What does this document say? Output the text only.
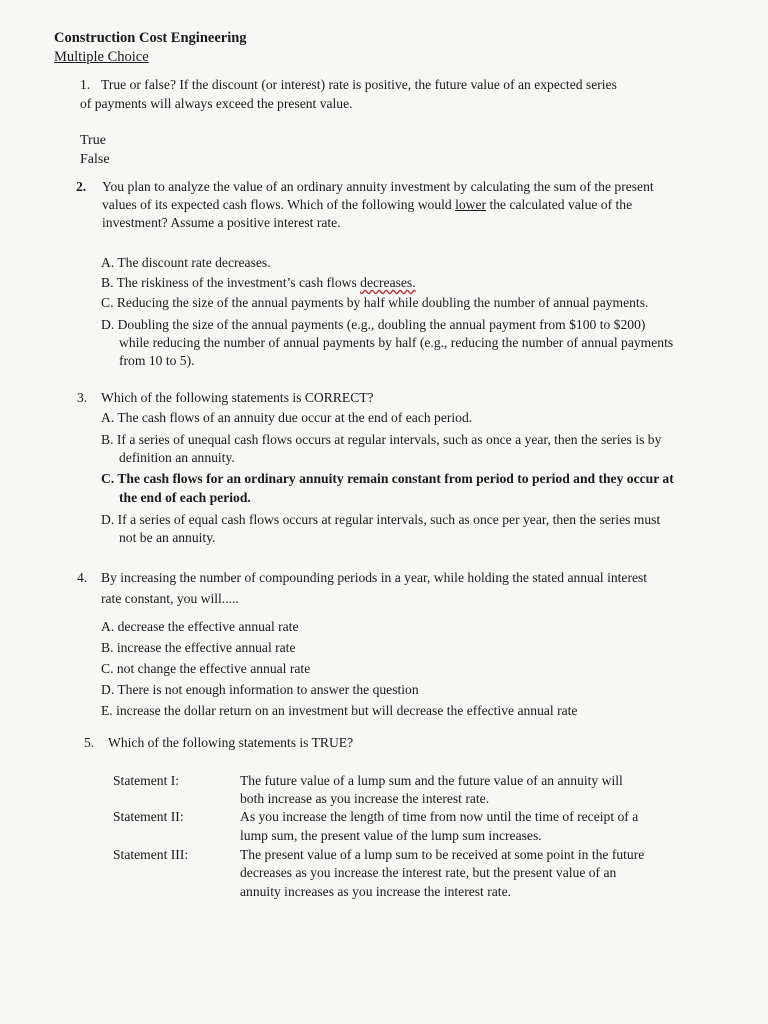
Construction Cost Engineering
Multiple Choice
1. True or false? If the discount (or interest) rate is positive, the future value of an expected series
of payments will always exceed the present value.
True
False
2. You plan to analyze the value of an ordinary annuity investment by calculating the sum of the present
values of its expected cash flows. Which of the following would lower the calculated value of the
investment? Assume a positive interest rate.
A. The discount rate decreases.
B. The riskiness of the investment’s cash flows decreases.
C. Reducing the size of the annual payments by half while doubling the number of annual payments.
D. Doubling the size of the annual payments (e.g., doubling the annual payment from $100 to $200)
while reducing the number of annual payments by half (e.g., reducing the number of annual payments
from 10 to 5).
3. Which of the following statements is CORRECT?
A. The cash flows of an annuity due occur at the end of each period.
B. If a series of unequal cash flows occurs at regular intervals, such as once a year, then the series is by
definition an annuity.
C. The cash flows for an ordinary annuity remain constant from period to period and they occur at
the end of each period.
D. If a series of equal cash flows occurs at regular intervals, such as once per year, then the series must
not be an annuity.
4. By increasing the number of compounding periods in a year, while holding the stated annual interest
rate constant, you will.....
A. decrease the effective annual rate
B. increase the effective annual rate
C. not change the effective annual rate
D. There is not enough information to answer the question
E. increase the dollar return on an investment but will decrease the effective annual rate
5. Which of the following statements is TRUE?
Statement I:	The future value of a lump sum and the future value of an annuity will
both increase as you increase the interest rate.
Statement II:	As you increase the length of time from now until the time of receipt of a
lump sum, the present value of the lump sum increases.
Statement III:	The present value of a lump sum to be received at some point in the future
decreases as you increase the interest rate, but the present value of an
annuity increases as you increase the interest rate.
